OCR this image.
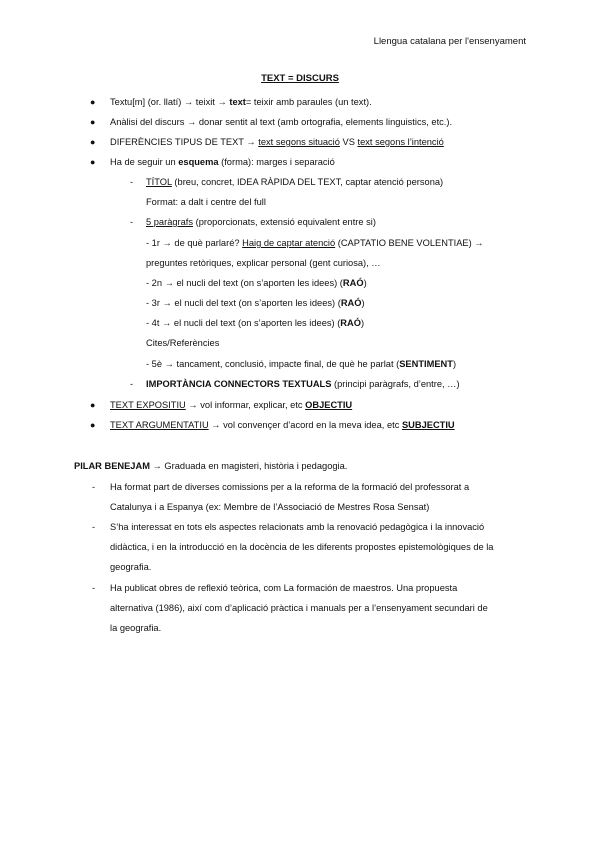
Llengua catalana per l'ensenyament
TEXT = DISCURS
● Textu[m] (or. llatí) → teixit → text= teixir amb paraules (un text).
● Anàlisi del discurs → donar sentit al text (amb ortografia, elements linguistics, etc.).
● DIFERÈNCIES TIPUS DE TEXT → text segons situació VS text segons l’intenció
● Ha de seguir un esquema (forma): marges i separació
- TÍTOL (breu, concret, IDEA RÀPIDA DEL TEXT, captar atenció persona)
Format: a dalt i centre del full
- 5 paràgrafs (proporcionats, extensió equivalent entre si)
- 1r → de què parlaré? Haig de captar atenció (CAPTATIO BENE VOLENTIAE) →
preguntes retòriques, explicar personal (gent curiosa), …
- 2n → el nucli del text (on s’aporten les idees) (RAÓ)
- 3r → el nucli del text (on s’aporten les idees) (RAÓ)
- 4t → el nucli del text (on s’aporten les idees) (RAÓ)
Cites/Referències
- 5è → tancament, conclusió, impacte final, de què he parlat (SENTIMENT)
- IMPORTÀNCIA CONNECTORS TEXTUALS (principi paràgrafs, d’entre, …)
● TEXT EXPOSITIU → vol informar, explicar, etc OBJECTIU
● TEXT ARGUMENTATIU → vol convençer d’acord en la meva idea, etc SUBJECTIU
PILAR BENEJAM → Graduada en magisteri, història i pedagogia.
- Ha format part de diverses comissions per a la reforma de la formació del professorat a
Catalunya i a Espanya (ex: Membre de l’Associació de Mestres Rosa Sensat)
- S’ha interessat en tots els aspectes relacionats amb la renovació pedagògica i la innovació
didàctica, i en la introducció en la docència de les diferents propostes epistemològiques de la
geografia.
- Ha publicat obres de reflexió teòrica, com La formación de maestros. Una propuesta
alternativa (1986), així com d’aplicació pràctica i manuals per a l’ensenyament secundari de
la geografia.
